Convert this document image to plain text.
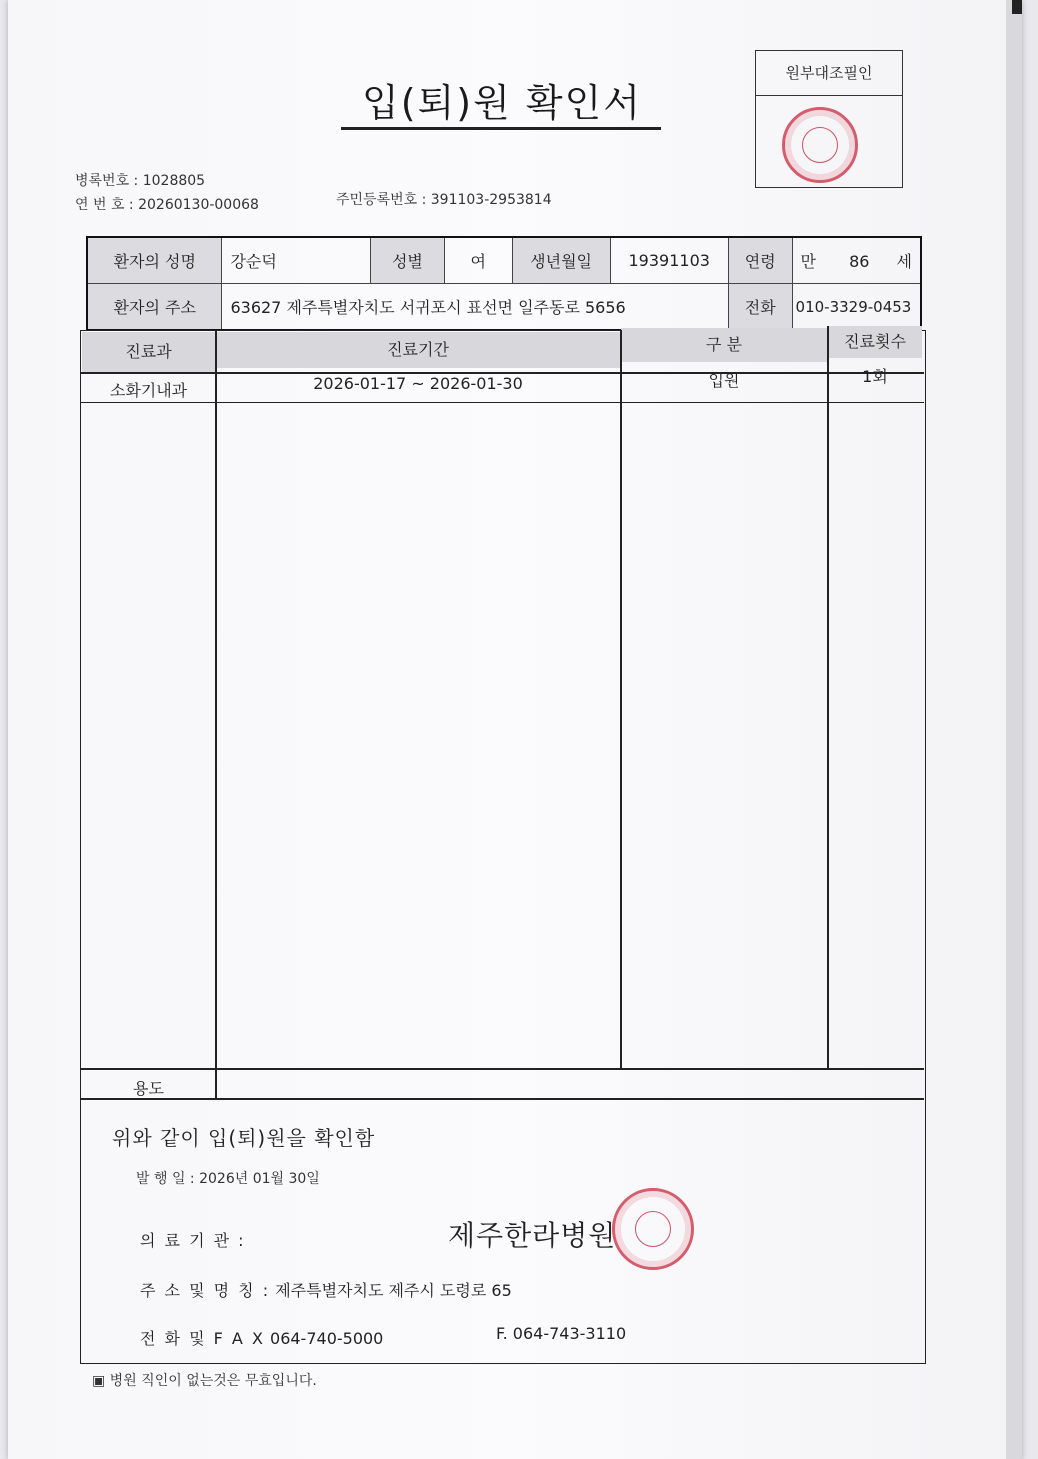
입(퇴)원 확인서
원부대조필인
병록번호 : 1028805
연 번 호 : 20260130-00068	주민등록번호 : 391103-2953814
환자의 성명	강순덕	성별	여	생년월일	19391103	연령	만 86 세

환자의 주소	63627 제주특별자치도 서귀포시 표선면 일주동로 5656					전화	010-3329-0453
진료과	진료기간	구 분	진료횟수
소화기내과	2026-01-17 ~ 2026-01-30	입원	1회
용도
위와 같이 입(퇴)원을 확인함
발 행 일 : 2026년 01월 30일
의 료 기 관 :	제주한라병원
주 소 및 명 칭 : 제주특별자치도 제주시 도령로 65
전 화 및 F A X 064-740-5000	F. 064-743-3110
▣ 병원 직인이 없는것은 무효입니다.
